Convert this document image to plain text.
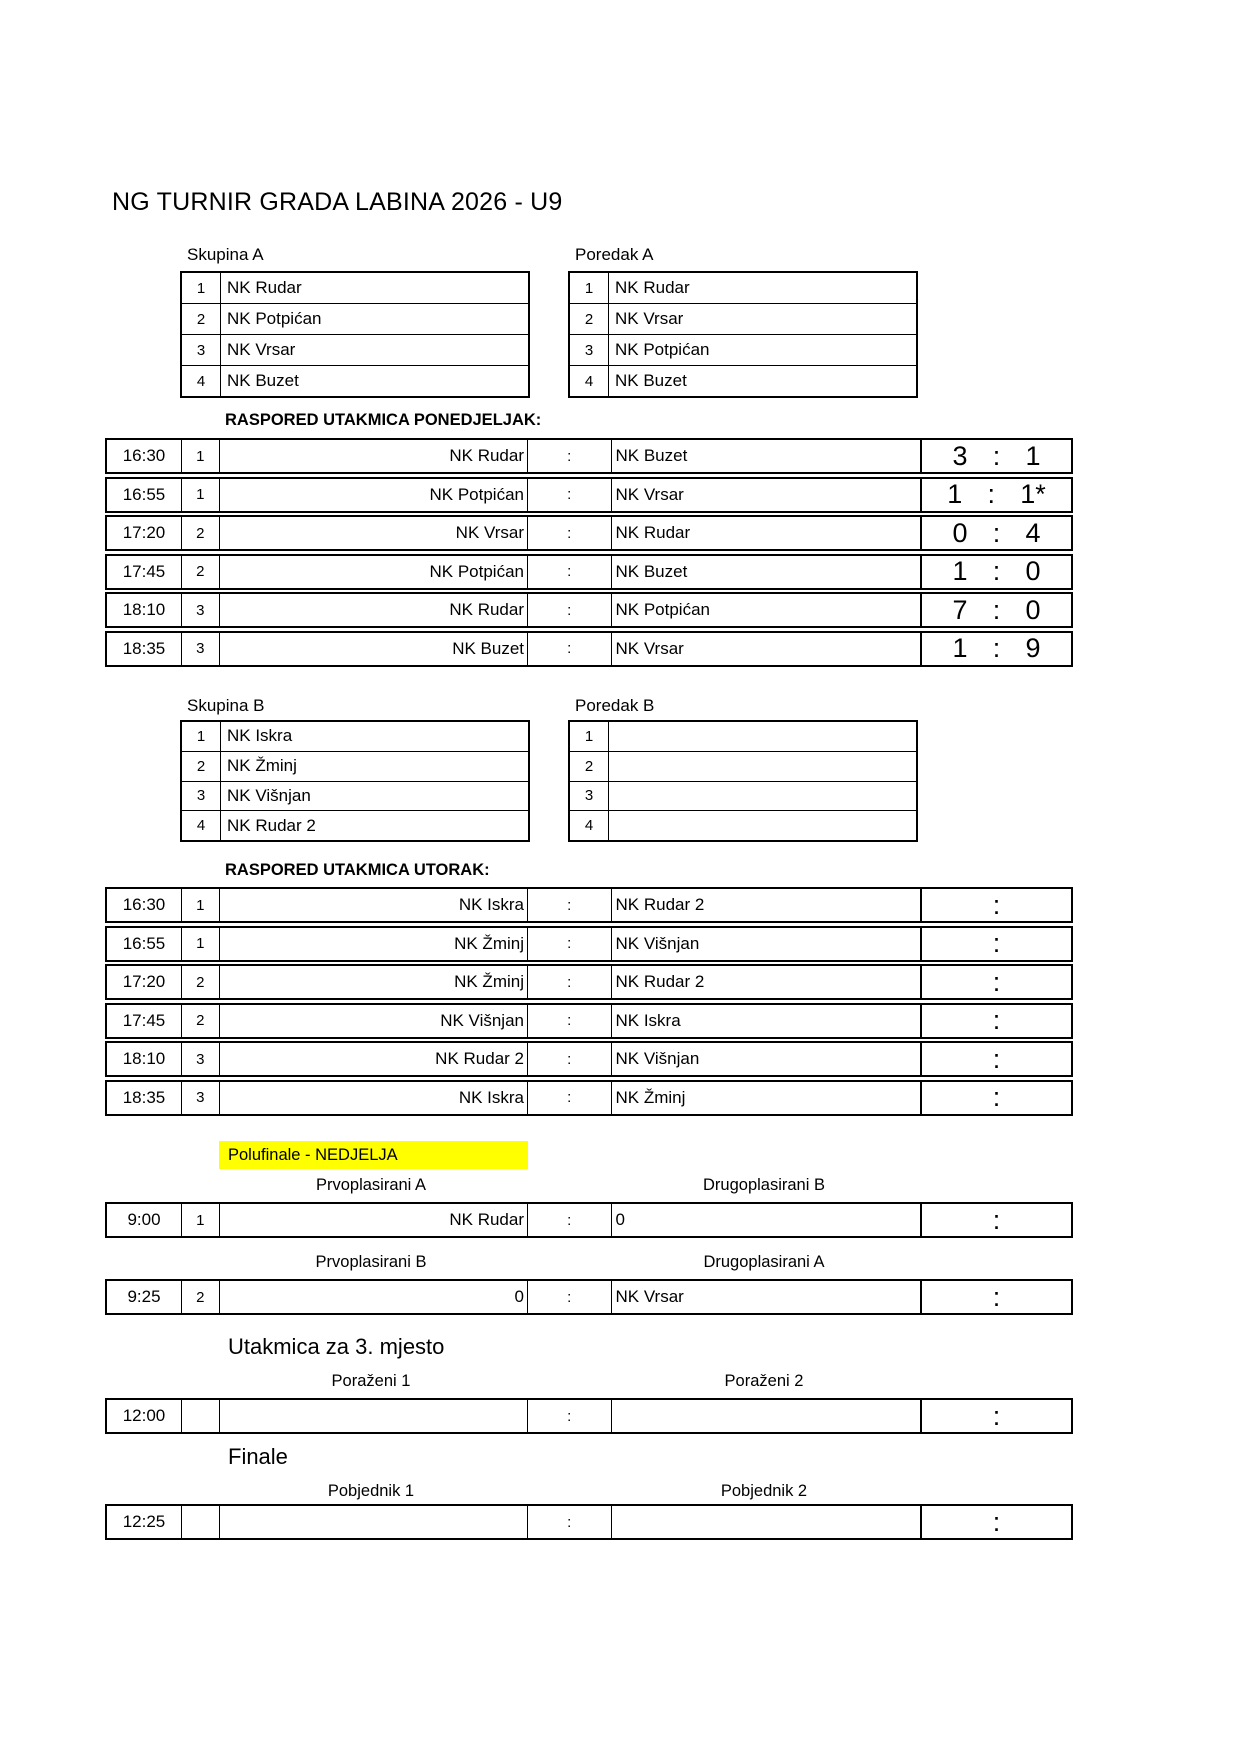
NG TURNIR GRADA LABINA 2026 - U9
Skupina A	Poredak A
1	NK Rudar
2	NK Potpićan
3	NK Vrsar
4	NK Buzet
1	NK Rudar
2	NK Vrsar
3	NK Potpićan
4	NK Buzet
RASPORED UTAKMICA PONEDJELJAK:
16:30	1	NK Rudar	:	NK Buzet	3 : 1
16:55	1	NK Potpićan	:	NK Vrsar	1 : 1*
17:20	2	NK Vrsar	:	NK Rudar	0 : 4
17:45	2	NK Potpićan	:	NK Buzet	1 : 0
18:10	3	NK Rudar	:	NK Potpićan	7 : 0
18:35	3	NK Buzet	:	NK Vrsar	1 : 9
Skupina B	Poredak B
1	NK Iskra
2	NK Žminj
3	NK Višnjan
4	NK Rudar 2
1
2
3
4
RASPORED UTAKMICA UTORAK:
16:30	1	NK Iskra	:	NK Rudar 2	:
16:55	1	NK Žminj	:	NK Višnjan	:
17:20	2	NK Žminj	:	NK Rudar 2	:
17:45	2	NK Višnjan	:	NK Iskra	:
18:10	3	NK Rudar 2	:	NK Višnjan	:
18:35	3	NK Iskra	:	NK Žminj	:
Polufinale - NEDJELJA
Prvoplasirani A	Drugoplasirani B
9:00	1	NK Rudar	:	0	:
Prvoplasirani B	Drugoplasirani A
9:25	2	0	:	NK Vrsar	:
Utakmica za 3. mjesto
Poraženi 1	Poraženi 2
12:00	:	:
Finale
Pobjednik 1	Pobjednik 2
12:25	:	:
